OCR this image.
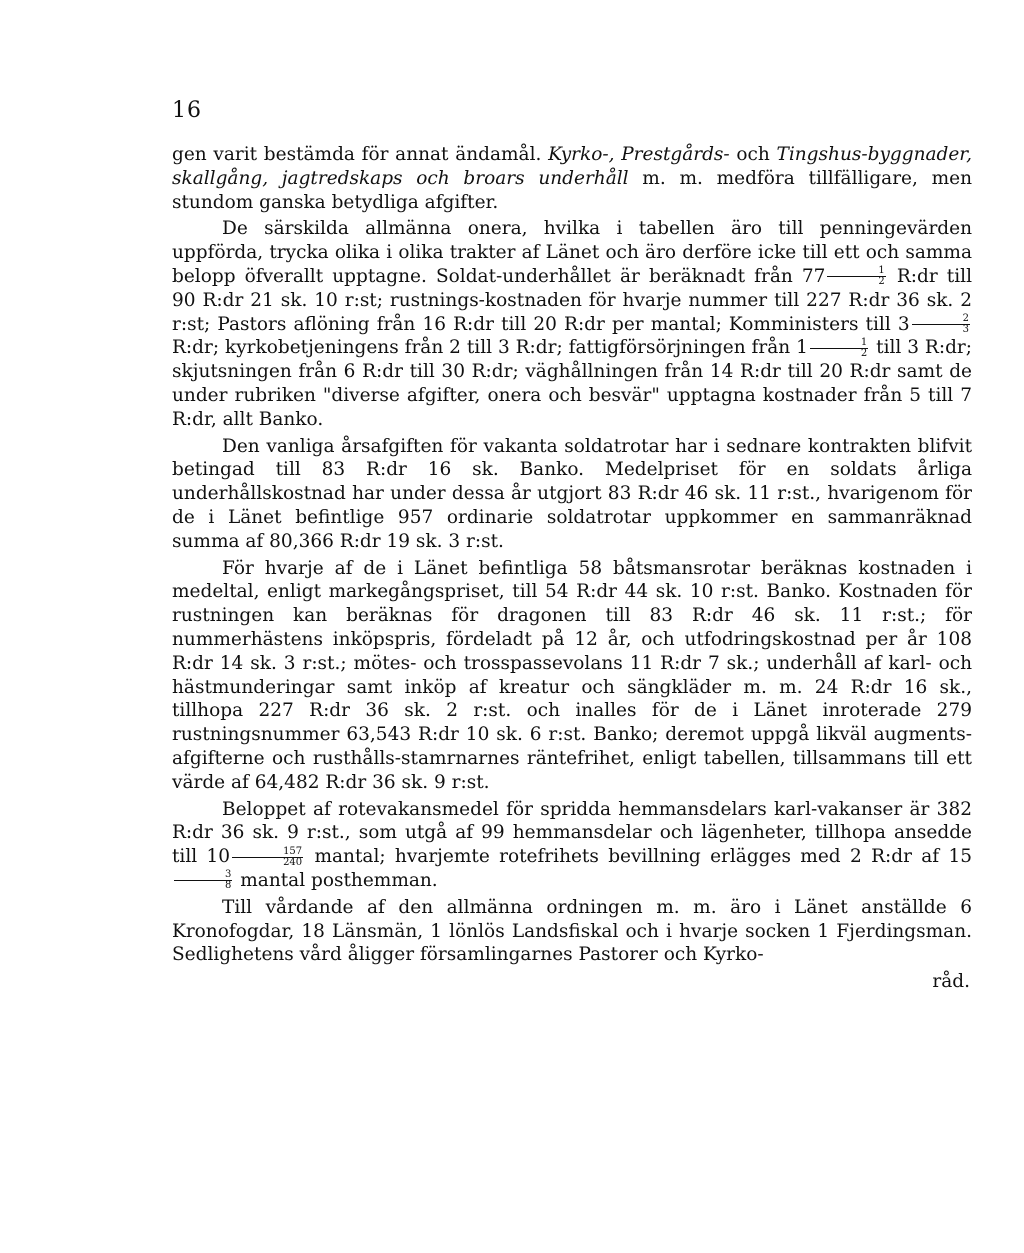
16

gen varit bestämda för annat ändamål. Kyrko-, Prestgårds- och Tingshus-byggnader, skallgång, jagtredskaps och broars underhåll m. m. medföra tillfälligare, men stundom ganska betydliga afgifter.

De särskilda allmänna onera, hvilka i tabellen äro till penningevärden uppförda, trycka olika i olika trakter af Länet och äro derföre icke till ett och samma belopp öfverallt upptagne. Soldat-underhållet är beräknadt från $77 \frac{1}{2}$ R:dr till 90 R:dr 21 sk. 10 r:st; rustnings-kostnaden för hvarje nummer till 227 R:dr 36 sk. 2 r:st; Pastors aflöning från 16 R:dr till 20 R:dr per mantal; Komministers till $3 \frac{2}{3}$
R:dr; kyrkobetjeningens från 2 till 3 R:dr; fattigförsörjningen från $1 \frac{1}{2}$ till 3 R:dr; skjutsningen från 6 R:dr till 30 R:dr; väghållningen från 14 R:dr till 20 R:dr samt de under rubriken "diverse afgifter, onera och besvär" upptagna kostnader från 5 till 7 R:dr, allt Banko.

Den vanliga årsafgiften för vakanta soldatrotar har i sednare kontrakten blifvit betingad till 83 R:dr 16 sk. Banko. Medelpriset för en soldats årliga underhållskostnad har under dessa år utgjort 83 R:dr 46 sk. 11 r:st., hvarigenom för de i Länet befintlige 957 ordinarie soldatrotar uppkommer en sammanräknad summa af 80,366 R:dr 19 sk. 3 r:st.

För hvarje af de i Länet befintliga 58 båtsmansrotar beräknas kostnaden i medeltal, enligt markegångspriset, till 54 R:dr 44 sk. 10 r:st. Banko. Kostnaden för rustningen kan beräknas för dragonen till 83 R:dr 46 sk. 11 r:st.; för nummerhästens inköpspris, fördeladt på 12 år, och utfodringskostnad per år 108 R:dr 14 sk. 3 r:st.; mötes- och trosspassevolans 11 R:dr 7 sk.; underhåll af karl- och hästmunderingar samt inköp af kreatur och sängkläder m. m. 24 R:dr 16 sk., tillhopa 227 R:dr 36 sk. 2 r:st. och inalles för de i Länet inroterade 279 rustningsnummer 63,543 R:dr 10 sk. 6 r:st. Banko; deremot uppgå likväl augments-afgifterne och rusthålls-stamrnarnes räntefrihet, enligt tabellen, tillsammans till ett värde af 64,482 R:dr 36 sk. 9 r:st.

Beloppet af rotevakansmedel för spridda hemmansdelars karl-vakanser är 382 R:dr 36 sk. 9 r:st., som utgå af 99 hemmansdelar och lägenheter, tillhopa ansedde till $10 \frac{157}{240}$ mantal; hvarjemte rotefrihets bevillning erlägges med 2 R:dr af 15
$\frac{3}{8}$ mantal posthemman.

Till vårdande af den allmänna ordningen m. m. äro i Länet anställde 6 Kronofogdar, 18 Länsmän, 1 lönlös Landsfiskal och i hvarje socken 1 Fjerdingsman. Sedlighetens vård åligger församlingarnes Pastorer och Kyrko-

råd.
